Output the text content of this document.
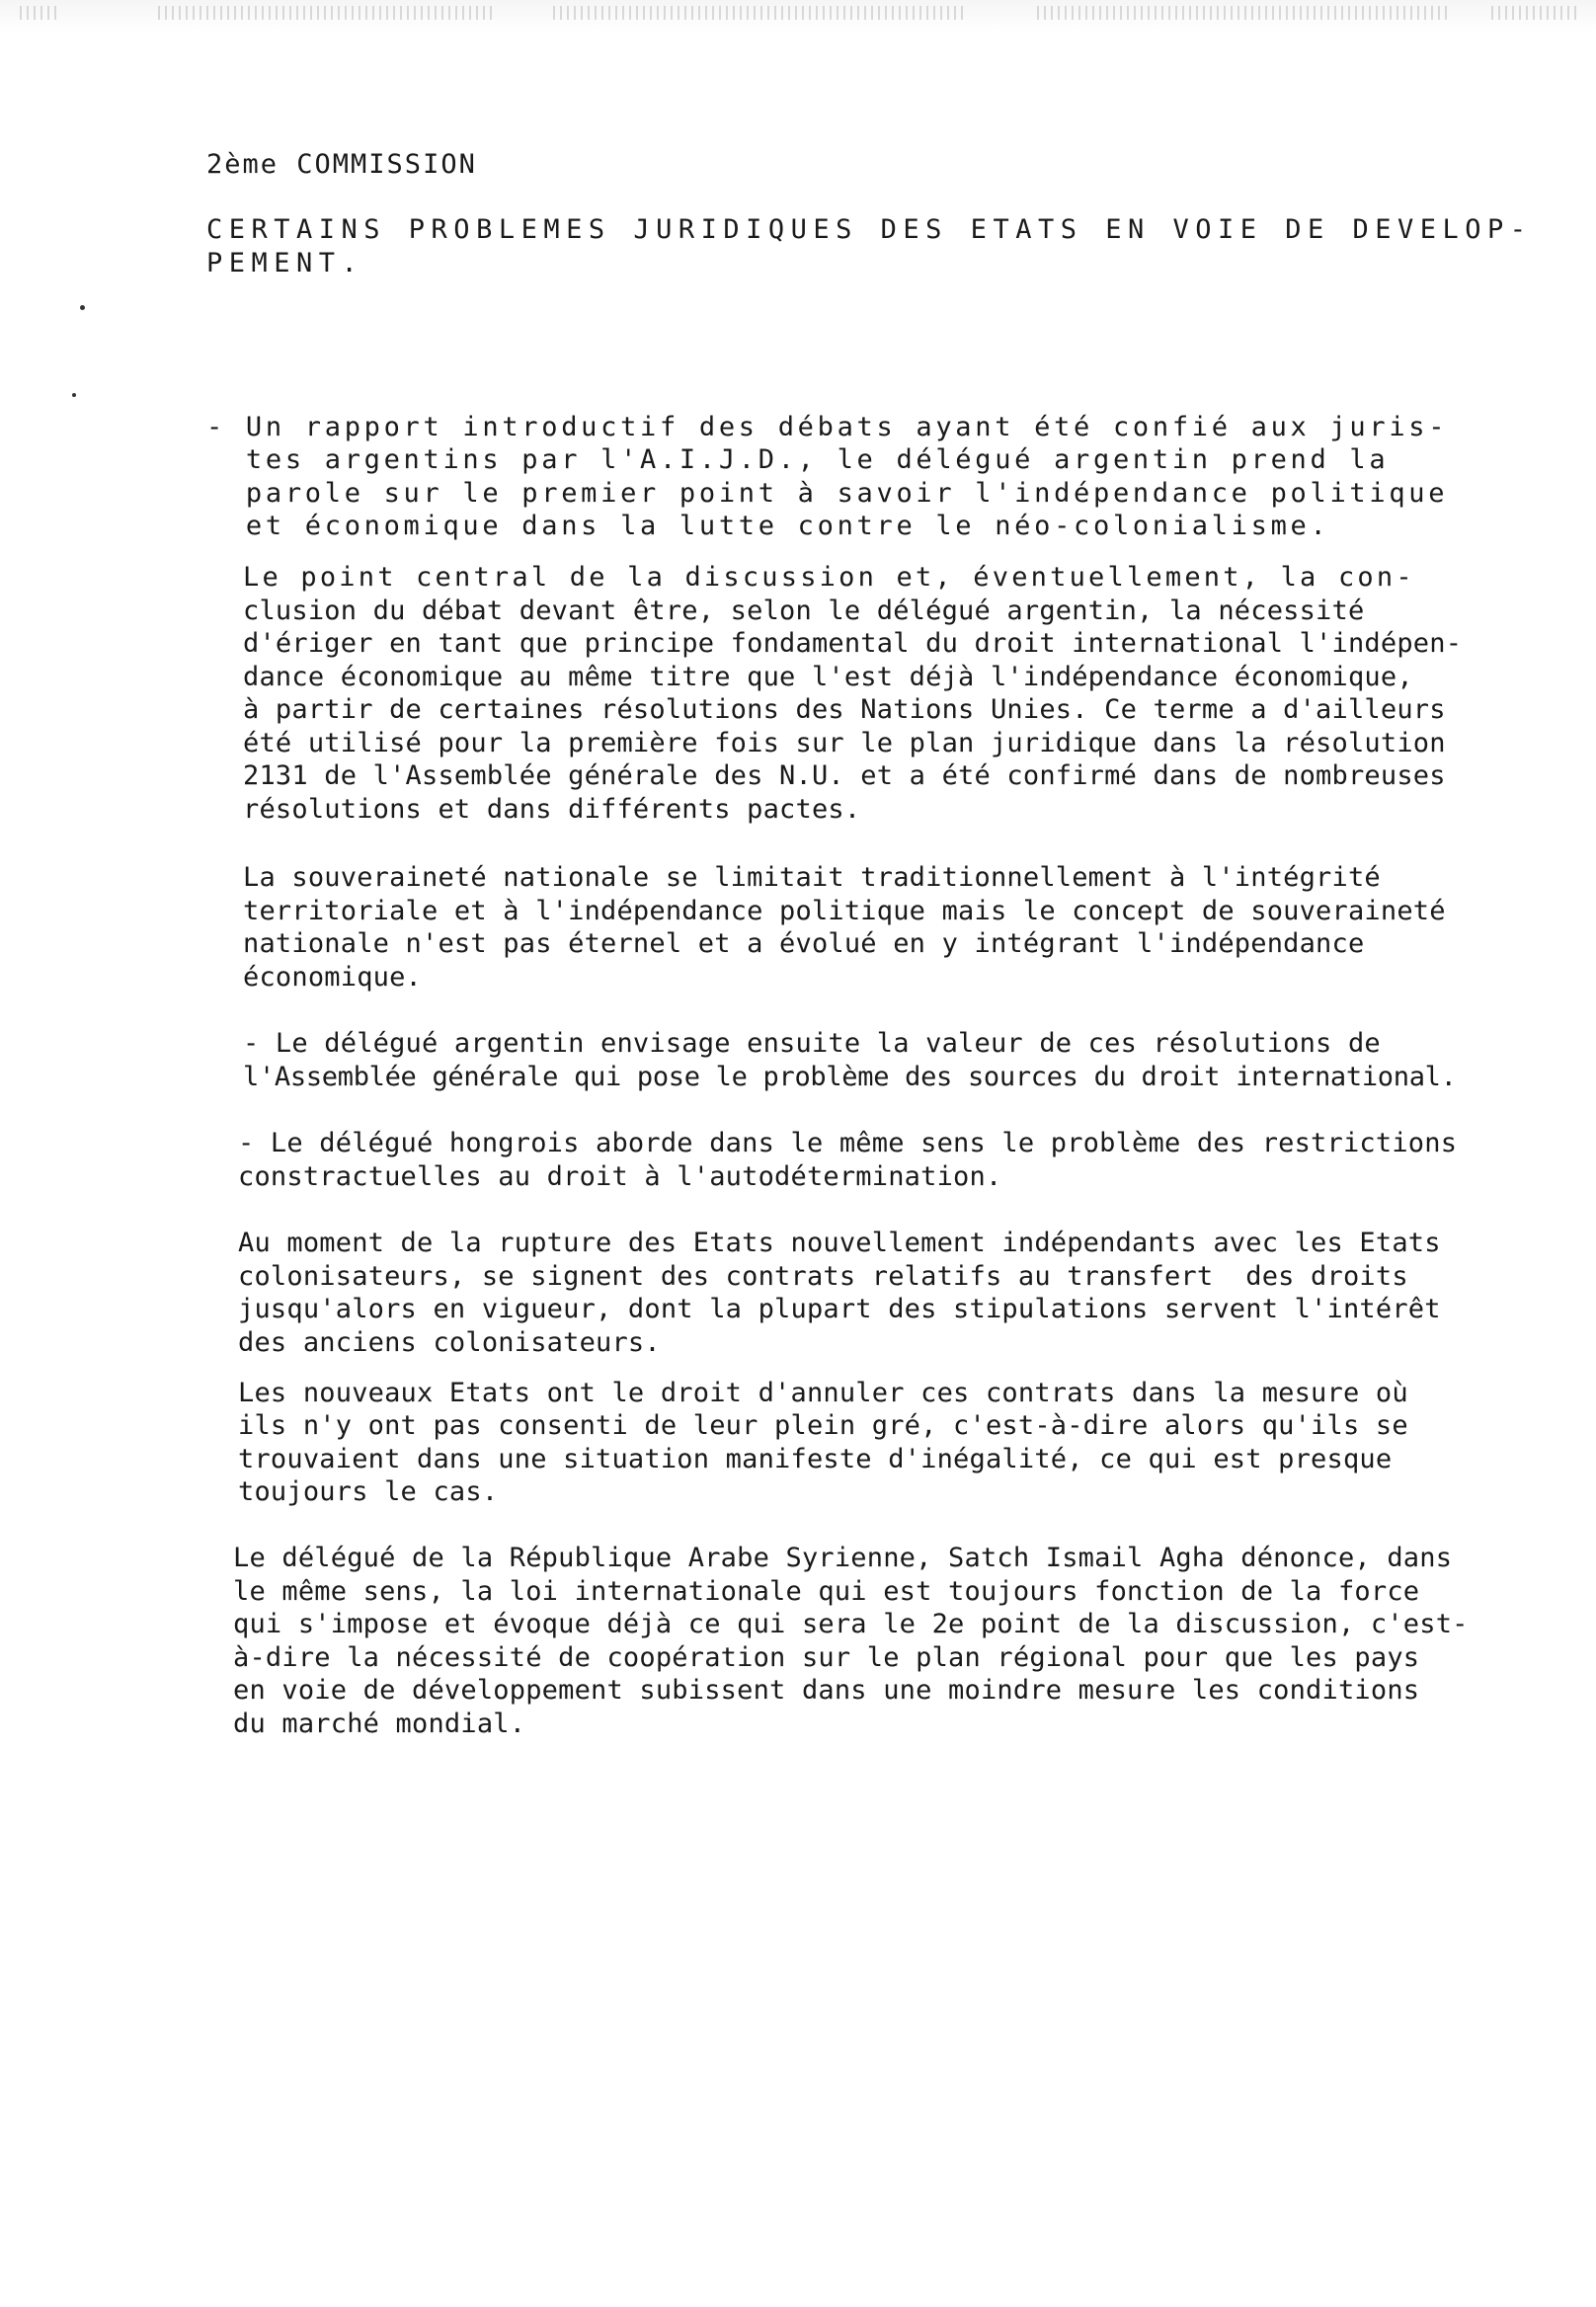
2ème COMMISSION
CERTAINS PROBLEMES JURIDIQUES DES ETATS EN VOIE DE DEVELOP-
PEMENT.
- Un rapport introductif des débats ayant été confié aux juris-
tes argentins par l'A.I.J.D., le délégué argentin prend la
parole sur le premier point à savoir l'indépendance politique
et économique dans la lutte contre le néo-colonialisme.
Le point central de la discussion et, éventuellement, la con-
clusion du débat devant être, selon le délégué argentin, la nécessité
d'ériger en tant que principe fondamental du droit international l'indépen-
dance économique au même titre que l'est déjà l'indépendance économique,
à partir de certaines résolutions des Nations Unies. Ce terme a d'ailleurs
été utilisé pour la première fois sur le plan juridique dans la résolution
2131 de l'Assemblée générale des N.U. et a été confirmé dans de nombreuses
résolutions et dans différents pactes.
La souveraineté nationale se limitait traditionnellement à l'intégrité
territoriale et à l'indépendance politique mais le concept de souveraineté
nationale n'est pas éternel et a évolué en y intégrant l'indépendance
économique.
- Le délégué argentin envisage ensuite la valeur de ces résolutions de
l'Assemblée générale qui pose le problème des sources du droit international.
- Le délégué hongrois aborde dans le même sens le problème des restrictions
constractuelles au droit à l'autodétermination.
Au moment de la rupture des Etats nouvellement indépendants avec les Etats
colonisateurs, se signent des contrats relatifs au transfert  des droits
jusqu'alors en vigueur, dont la plupart des stipulations servent l'intérêt
des anciens colonisateurs.
Les nouveaux Etats ont le droit d'annuler ces contrats dans la mesure où
ils n'y ont pas consenti de leur plein gré, c'est-à-dire alors qu'ils se
trouvaient dans une situation manifeste d'inégalité, ce qui est presque
toujours le cas.
Le délégué de la République Arabe Syrienne, Satch Ismail Agha dénonce, dans
le même sens, la loi internationale qui est toujours fonction de la force
qui s'impose et évoque déjà ce qui sera le 2e point de la discussion, c'est-
à-dire la nécessité de coopération sur le plan régional pour que les pays
en voie de développement subissent dans une moindre mesure les conditions
du marché mondial.
